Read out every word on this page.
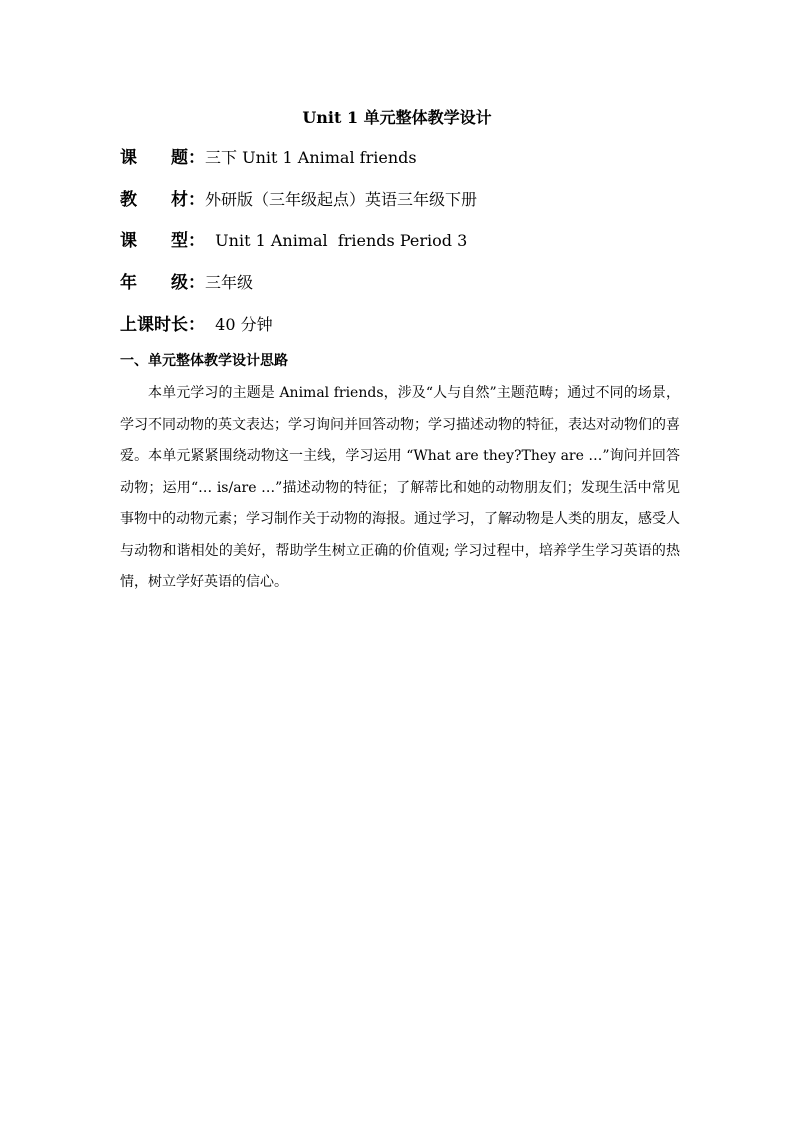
Unit 1 单元整体教学设计
课　　题：三下 Unit 1 Animal friends
教　　材：外研版（三年级起点）英语三年级下册
课　　型：  Unit 1 Animal  friends Period 3
年　　级：三年级
上课时长：  40 分钟
一、单元整体教学设计思路
本单元学习的主题是 Animal friends，涉及“人与自然”主题范畴；通过不同的场景，学习不同动物的英文表达；学习询问并回答动物；学习描述动物的特征，表达对动物们的喜爱。本单元紧紧围绕动物这一主线，学习运用 “What are they?They are …”询问并回答动物；运用“… is/are …”描述动物的特征；了解蒂比和她的动物朋友们；发现生活中常见事物中的动物元素；学习制作关于动物的海报。通过学习，了解动物是人类的朋友，感受人与动物和谐相处的美好，帮助学生树立正确的价值观; 学习过程中，培养学生学习英语的热情，树立学好英语的信心。
